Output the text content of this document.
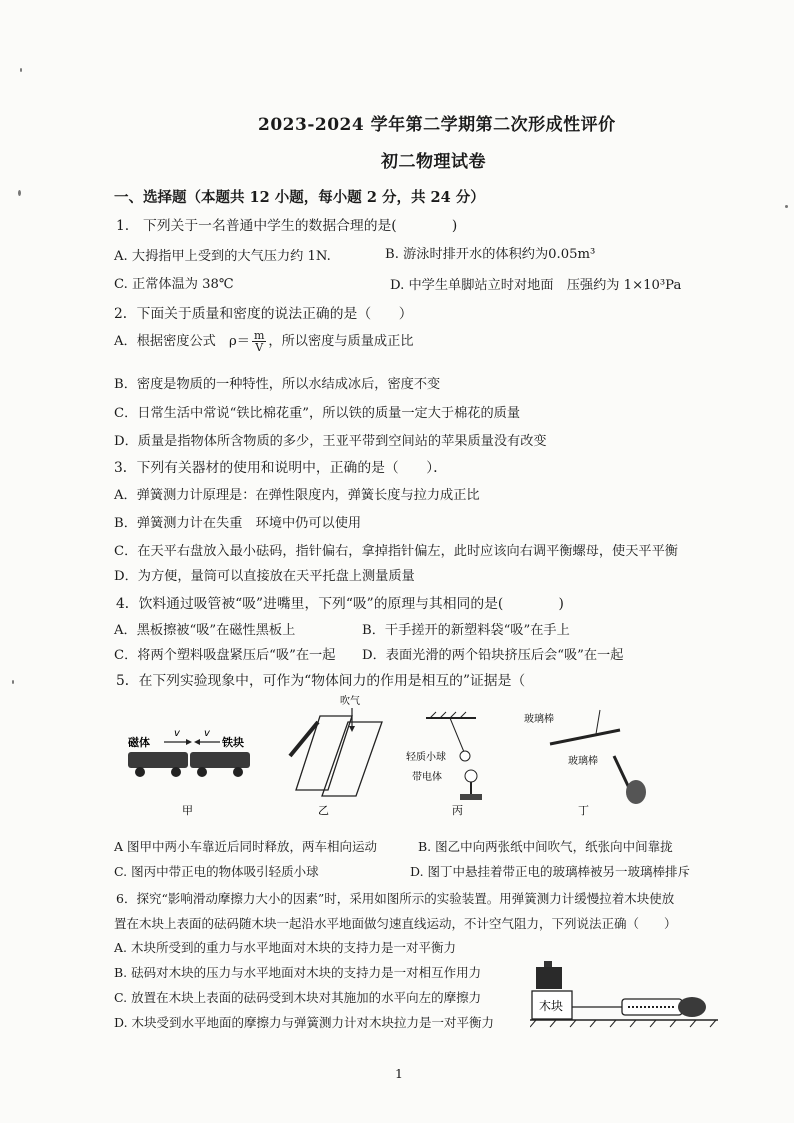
2023-2024 学年第二学期第二次形成性评价
初二物理试卷
一、选择题（本题共 12 小题，每小题 2 分，共 24 分）
1.　下列关于一名普通中学生的数据合理的是(　　　　)
A. 大拇指甲上受到的大气压力约 1N.	B. 游泳时排开水的体积约为0.05m³
C. 正常体温为 38℃	D. 中学生单脚站立时对地面　压强约为 1×10³Pa
2．下面关于质量和密度的说法正确的是（　　）
A．根据密度公式　$\rho= \frac{m}{V}$ ，所以密度与质量成正比
B．密度是物质的一种特性，所以水结成冰后，密度不变
C．日常生活中常说“铁比棉花重”，所以铁的质量一定大于棉花的质量
D．质量是指物体所含物质的多少，王亚平带到空间站的苹果质量没有改变
3．下列有关器材的使用和说明中，正确的是（　　）．
A．弹簧测力计原理是：在弹性限度内，弹簧长度与拉力成正比
B．弹簧测力计在失重　环境中仍可以使用
C．在天平右盘放入最小砝码，指针偏右，拿掉指针偏左，此时应该向右调平衡螺母，使天平平衡
D．为方便，量筒可以直接放在天平托盘上测量质量
4．饮料通过吸管被“吸”进嘴里，下列“吸”的原理与其相同的是(　　　　)
A．黑板擦被“吸”在磁性黑板上	B．干手搓开的新塑料袋“吸”在手上
C．将两个塑料吸盘紧压后“吸”在一起 D．表面光滑的两个铅块挤压后会“吸”在一起
5．在下列实验现象中，可作为“物体间力的作用是相互的”证据是（
磁体
v v
铁块
甲
吹气
乙
轻质小球
带电体
丙
玻璃棒
玻璃棒
丁
A 图甲中两小车靠近后同时释放，两车相向运动	B. 图乙中向两张纸中间吹气，纸张向中间靠拢
C. 图丙中带正电的物体吸引轻质小球	D. 图丁中悬挂着带正电的玻璃棒被另一玻璃棒排斥
6．探究“影响滑动摩擦力大小的因素”时，采用如图所示的实验装置。用弹簧测力计缓慢拉着木块使放
置在木块上表面的砝码随木块一起沿水平地面做匀速直线运动，不计空气阻力，下列说法正确（　　）
A. 木块所受到的重力与水平地面对木块的支持力是一对平衡力
B. 砝码对木块的压力与水平地面对木块的支持力是一对相互作用力
C. 放置在木块上表面的砝码受到木块对其施加的水平向左的摩擦力
D. 木块受到水平地面的摩擦力与弹簧测力计对木块拉力是一对平衡力
木块
1
